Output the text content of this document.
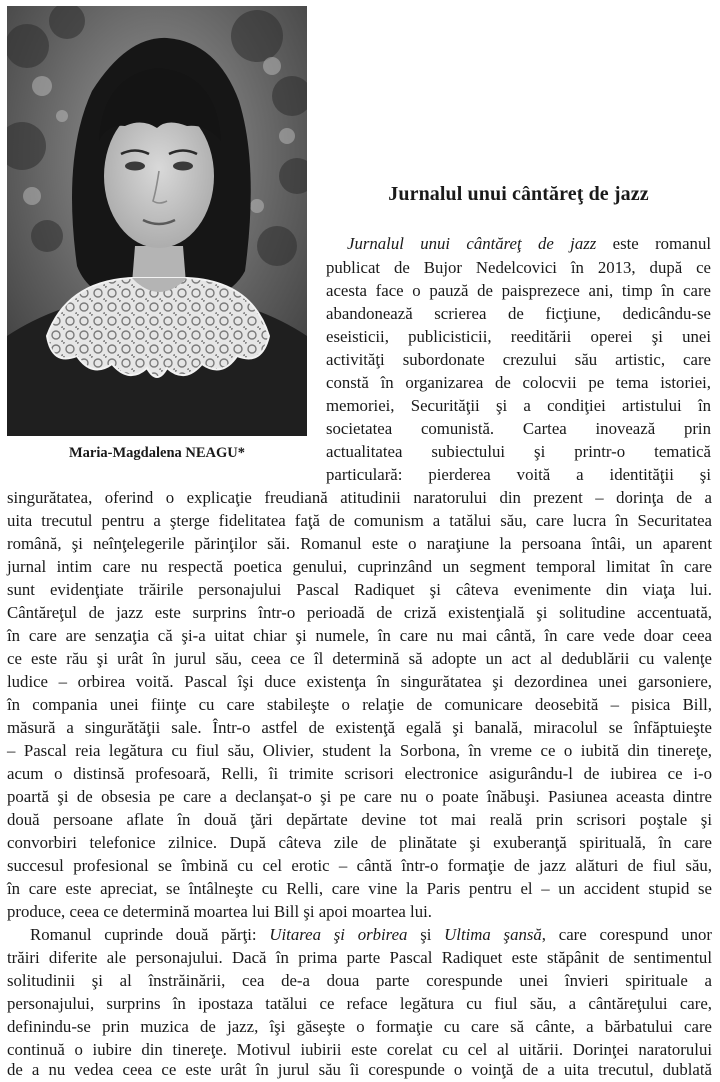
Maria-Magdalena NEAGU*
Jurnalul unui cântăreţ de jazz
Jurnalul unui cântăreţ de jazz este romanul
publicat de Bujor Nedelcovici în 2013, după ce
acesta face o pauză de paisprezece ani, timp în care
abandonează scrierea de ficţiune, dedicându-se
eseisticii, publicisticii, reeditării operei şi unei
activităţi subordonate crezului său artistic, care
constă în organizarea de colocvii pe tema istoriei,
memoriei, Securităţii şi a condiţiei artistului în
societatea comunistă. Cartea inovează prin
actualitatea subiectului şi printr-o tematică
particulară: pierderea voită a identităţii şi
singurătatea, oferind o explicaţie freudiană atitudinii naratorului din prezent – dorinţa de a
uita trecutul pentru a şterge fidelitatea faţă de comunism a tatălui său, care lucra în Securitatea
română, şi neînţelegerile părinţilor săi. Romanul este o naraţiune la persoana întâi, un aparent
jurnal intim care nu respectă poetica genului, cuprinzând un segment temporal limitat în care
sunt evidenţiate trăirile personajului Pascal Radiquet şi câteva evenimente din viaţa lui.
Cântăreţul de jazz este surprins într-o perioadă de criză existenţială şi solitudine accentuată,
în care are senzaţia că şi-a uitat chiar şi numele, în care nu mai cântă, în care vede doar ceea
ce este rău şi urât în jurul său, ceea ce îl determină să adopte un act al dedublării cu valenţe
ludice – orbirea voită. Pascal îşi duce existenţa în singurătatea şi dezordinea unei garsoniere,
în compania unei fiinţe cu care stabileşte o relaţie de comunicare deosebită – pisica Bill,
măsură a singurătăţii sale. Într-o astfel de existenţă egală şi banală, miracolul se înfăptuieşte
– Pascal reia legătura cu fiul său, Olivier, student la Sorbona, în vreme ce o iubită din tinereţe,
acum o distinsă profesoară, Relli, îi trimite scrisori electronice asigurându-l de iubirea ce i-o
poartă şi de obsesia pe care a declanşat-o şi pe care nu o poate înăbuşi. Pasiunea aceasta dintre
două persoane aflate în două ţări depărtate devine tot mai reală prin scrisori poştale şi
convorbiri telefonice zilnice. După câteva zile de plinătate şi exuberanţă spirituală, în care
succesul profesional se îmbină cu cel erotic – cântă într-o formaţie de jazz alături de fiul său,
în care este apreciat, se întâlneşte cu Relli, care vine la Paris pentru el – un accident stupid se
produce, ceea ce determină moartea lui Bill şi apoi moartea lui.
Romanul cuprinde două părţi: Uitarea şi orbirea şi Ultima şansă, care corespund unor
trăiri diferite ale personajului. Dacă în prima parte Pascal Radiquet este stăpânit de sentimentul
solitudinii şi al înstrăinării, cea de-a doua parte corespunde unei învieri spirituale a
personajului, surprins în ipostaza tatălui ce reface legătura cu fiul său, a cântăreţului care,
definindu-se prin muzica de jazz, îşi găseşte o formaţie cu care să cânte, a bărbatului care
continuă o iubire din tinereţe. Motivul iubirii este corelat cu cel al uitării. Dorinţei naratorului
de a nu vedea ceea ce este urât în jurul său îi corespunde o voinţă de a uita trecutul, dublată
